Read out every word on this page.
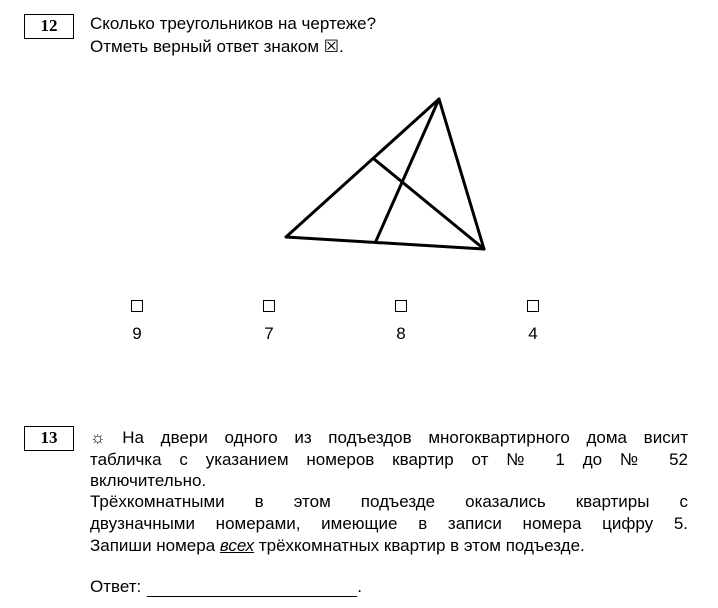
12	Сколько треугольников на чертеже?
Отметь верный ответ знаком ☒.
9	7	8	4
13	☼ На двери одного из подъездов многоквартирного дома висит
табличка с указанием номеров квартир от № 1 до № 52
включительно.
Трёхкомнатными в этом подъезде оказались квартиры с
двузначными номерами, имеющие в записи номера цифру 5.
Запиши номера всех трёхкомнатных квартир в этом подъезде.
Ответ:	.
